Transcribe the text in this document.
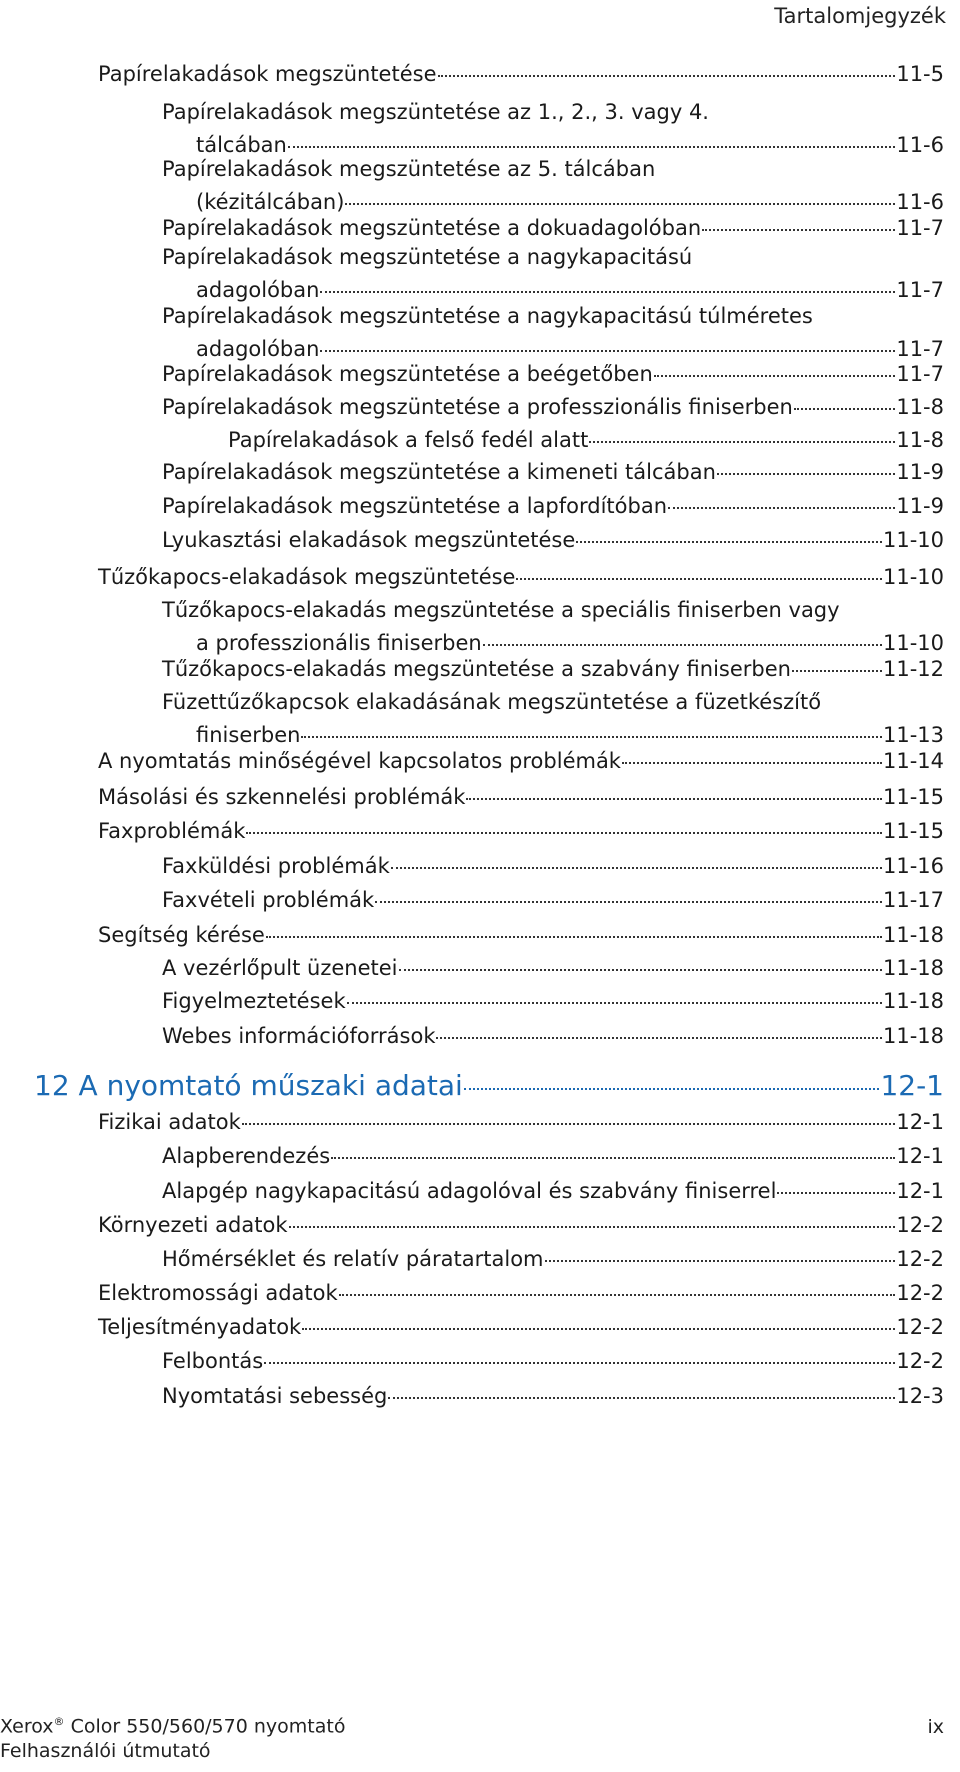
Tartalomjegyzék
Papírelakadások megszüntetése	11-5
Papírelakadások megszüntetése az 1., 2., 3. vagy 4.
tálcában	11-6
Papírelakadások megszüntetése az 5. tálcában
(kézitálcában)	11-6
Papírelakadások megszüntetése a dokuadagolóban	11-7
Papírelakadások megszüntetése a nagykapacitású
adagolóban	11-7
Papírelakadások megszüntetése a nagykapacitású túlméretes
adagolóban	11-7
Papírelakadások megszüntetése a beégetőben	11-7
Papírelakadások megszüntetése a professzionális finiserben	11-8
Papírelakadások a felső fedél alatt	11-8
Papírelakadások megszüntetése a kimeneti tálcában	11-9
Papírelakadások megszüntetése a lapfordítóban	11-9
Lyukasztási elakadások megszüntetése	11-10
Tűzőkapocs-elakadások megszüntetése	11-10
Tűzőkapocs-elakadás megszüntetése a speciális finiserben vagy
a professzionális finiserben	11-10
Tűzőkapocs-elakadás megszüntetése a szabvány finiserben	11-12
Füzettűzőkapcsok elakadásának megszüntetése a füzetkészítő
finiserben	11-13
A nyomtatás minőségével kapcsolatos problémák	11-14
Másolási és szkennelési problémák	11-15
Faxproblémák	11-15
Faxküldési problémák	11-16
Faxvételi problémák	11-17
Segítség kérése	11-18
A vezérlőpult üzenetei	11-18
Figyelmeztetések	11-18
Webes információforrások	11-18
12 A nyomtató műszaki adatai	12-1
Fizikai adatok	12-1
Alapberendezés	12-1
Alapgép nagykapacitású adagolóval és szabvány finiserrel	12-1
Környezeti adatok	12-2
Hőmérséklet és relatív páratartalom	12-2
Elektromossági adatok	12-2
Teljesítményadatok	12-2
Felbontás	12-2
Nyomtatási sebesség	12-3
Xerox® Color 550/560/570 nyomtató
Felhasználói útmutató
ix
